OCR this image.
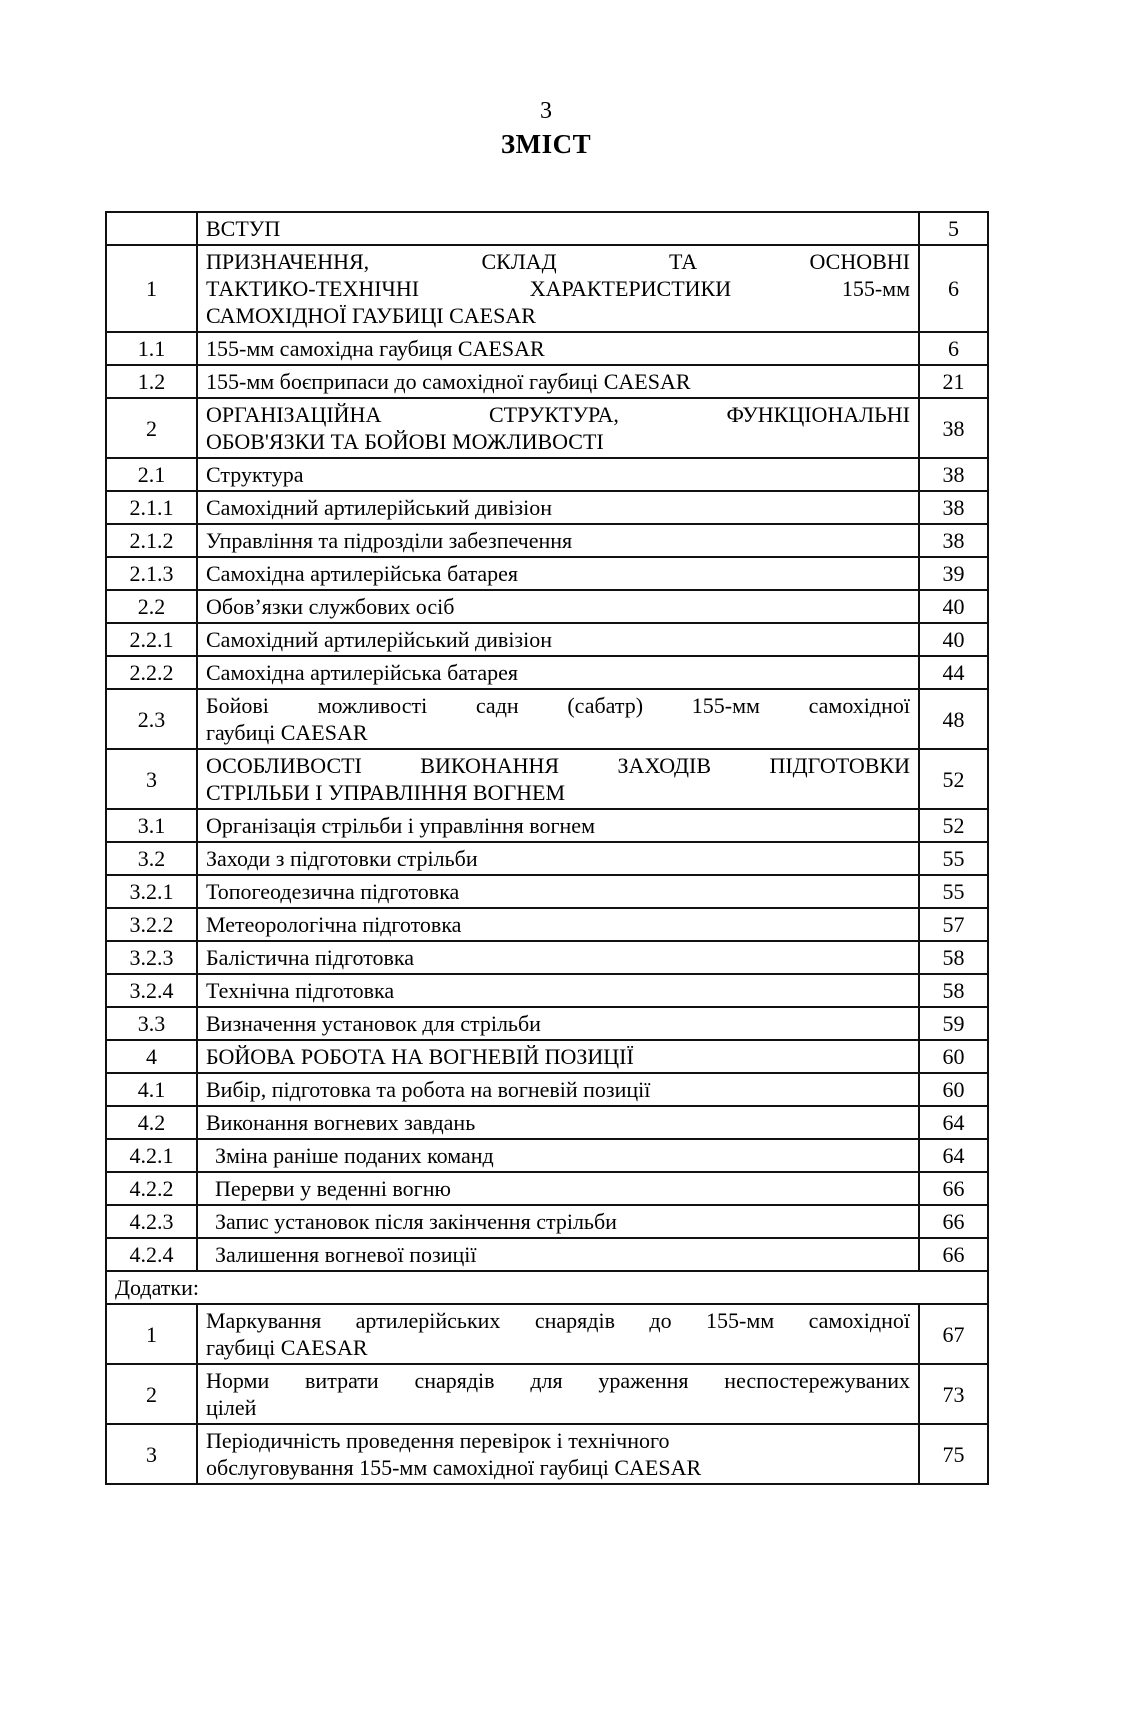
3
ЗМІСТ

	ВСТУП	5
1	ПРИЗНАЧЕННЯ, СКЛАД ТА ОСНОВНІ
ТАКТИКО-ТЕХНІЧНІ ХАРАКТЕРИСТИКИ 155-мм
САМОХІДНОЇ ГАУБИЦІ CAESAR	6
1.1	155-мм самохідна гаубиця CAESAR	6
1.2	155-мм боєприпаси до самохідної гаубиці CAESAR	21
2	ОРГАНІЗАЦІЙНА СТРУКТУРА, ФУНКЦІОНАЛЬНІ
ОБОВ'ЯЗКИ ТА БОЙОВІ МОЖЛИВОСТІ	38
2.1	Структура	38
2.1.1	Самохідний артилерійський дивізіон	38
2.1.2	Управління та підрозділи забезпечення	38
2.1.3	Самохідна артилерійська батарея	39
2.2	Обов’язки службових осіб	40
2.2.1	Самохідний артилерійський дивізіон	40
2.2.2	Самохідна артилерійська батарея	44
2.3	Бойові можливості садн (сабатр) 155-мм самохідної
гаубиці CAESAR	48
3	ОСОБЛИВОСТІ ВИКОНАННЯ ЗАХОДІВ ПІДГОТОВКИ
СТРІЛЬБИ І УПРАВЛІННЯ ВОГНЕМ	52
3.1	Організація стрільби і управління вогнем	52
3.2	Заходи з підготовки стрільби	55
3.2.1	Топогеодезична підготовка	55
3.2.2	Метеорологічна підготовка	57
3.2.3	Балістична підготовка	58
3.2.4	Технічна підготовка	58
3.3	Визначення установок для стрільби	59
4	БОЙОВА РОБОТА НА ВОГНЕВІЙ ПОЗИЦІЇ	60
4.1	Вибір, підготовка та робота на вогневій позиції	60
4.2	Виконання вогневих завдань	64
4.2.1	Зміна раніше поданих команд	64
4.2.2	Перерви у веденні вогню	66
4.2.3	Запис установок після закінчення стрільби	66
4.2.4	Залишення вогневої позиції	66
Додатки:		
1	Маркування артилерійських снарядів до 155-мм самохідної
гаубиці CAESAR	67
2	Норми витрати снарядів для ураження неспостережуваних
цілей	73
3	Періодичність проведення перевірок і технічного
обслуговування 155-мм самохідної гаубиці CAESAR	75
